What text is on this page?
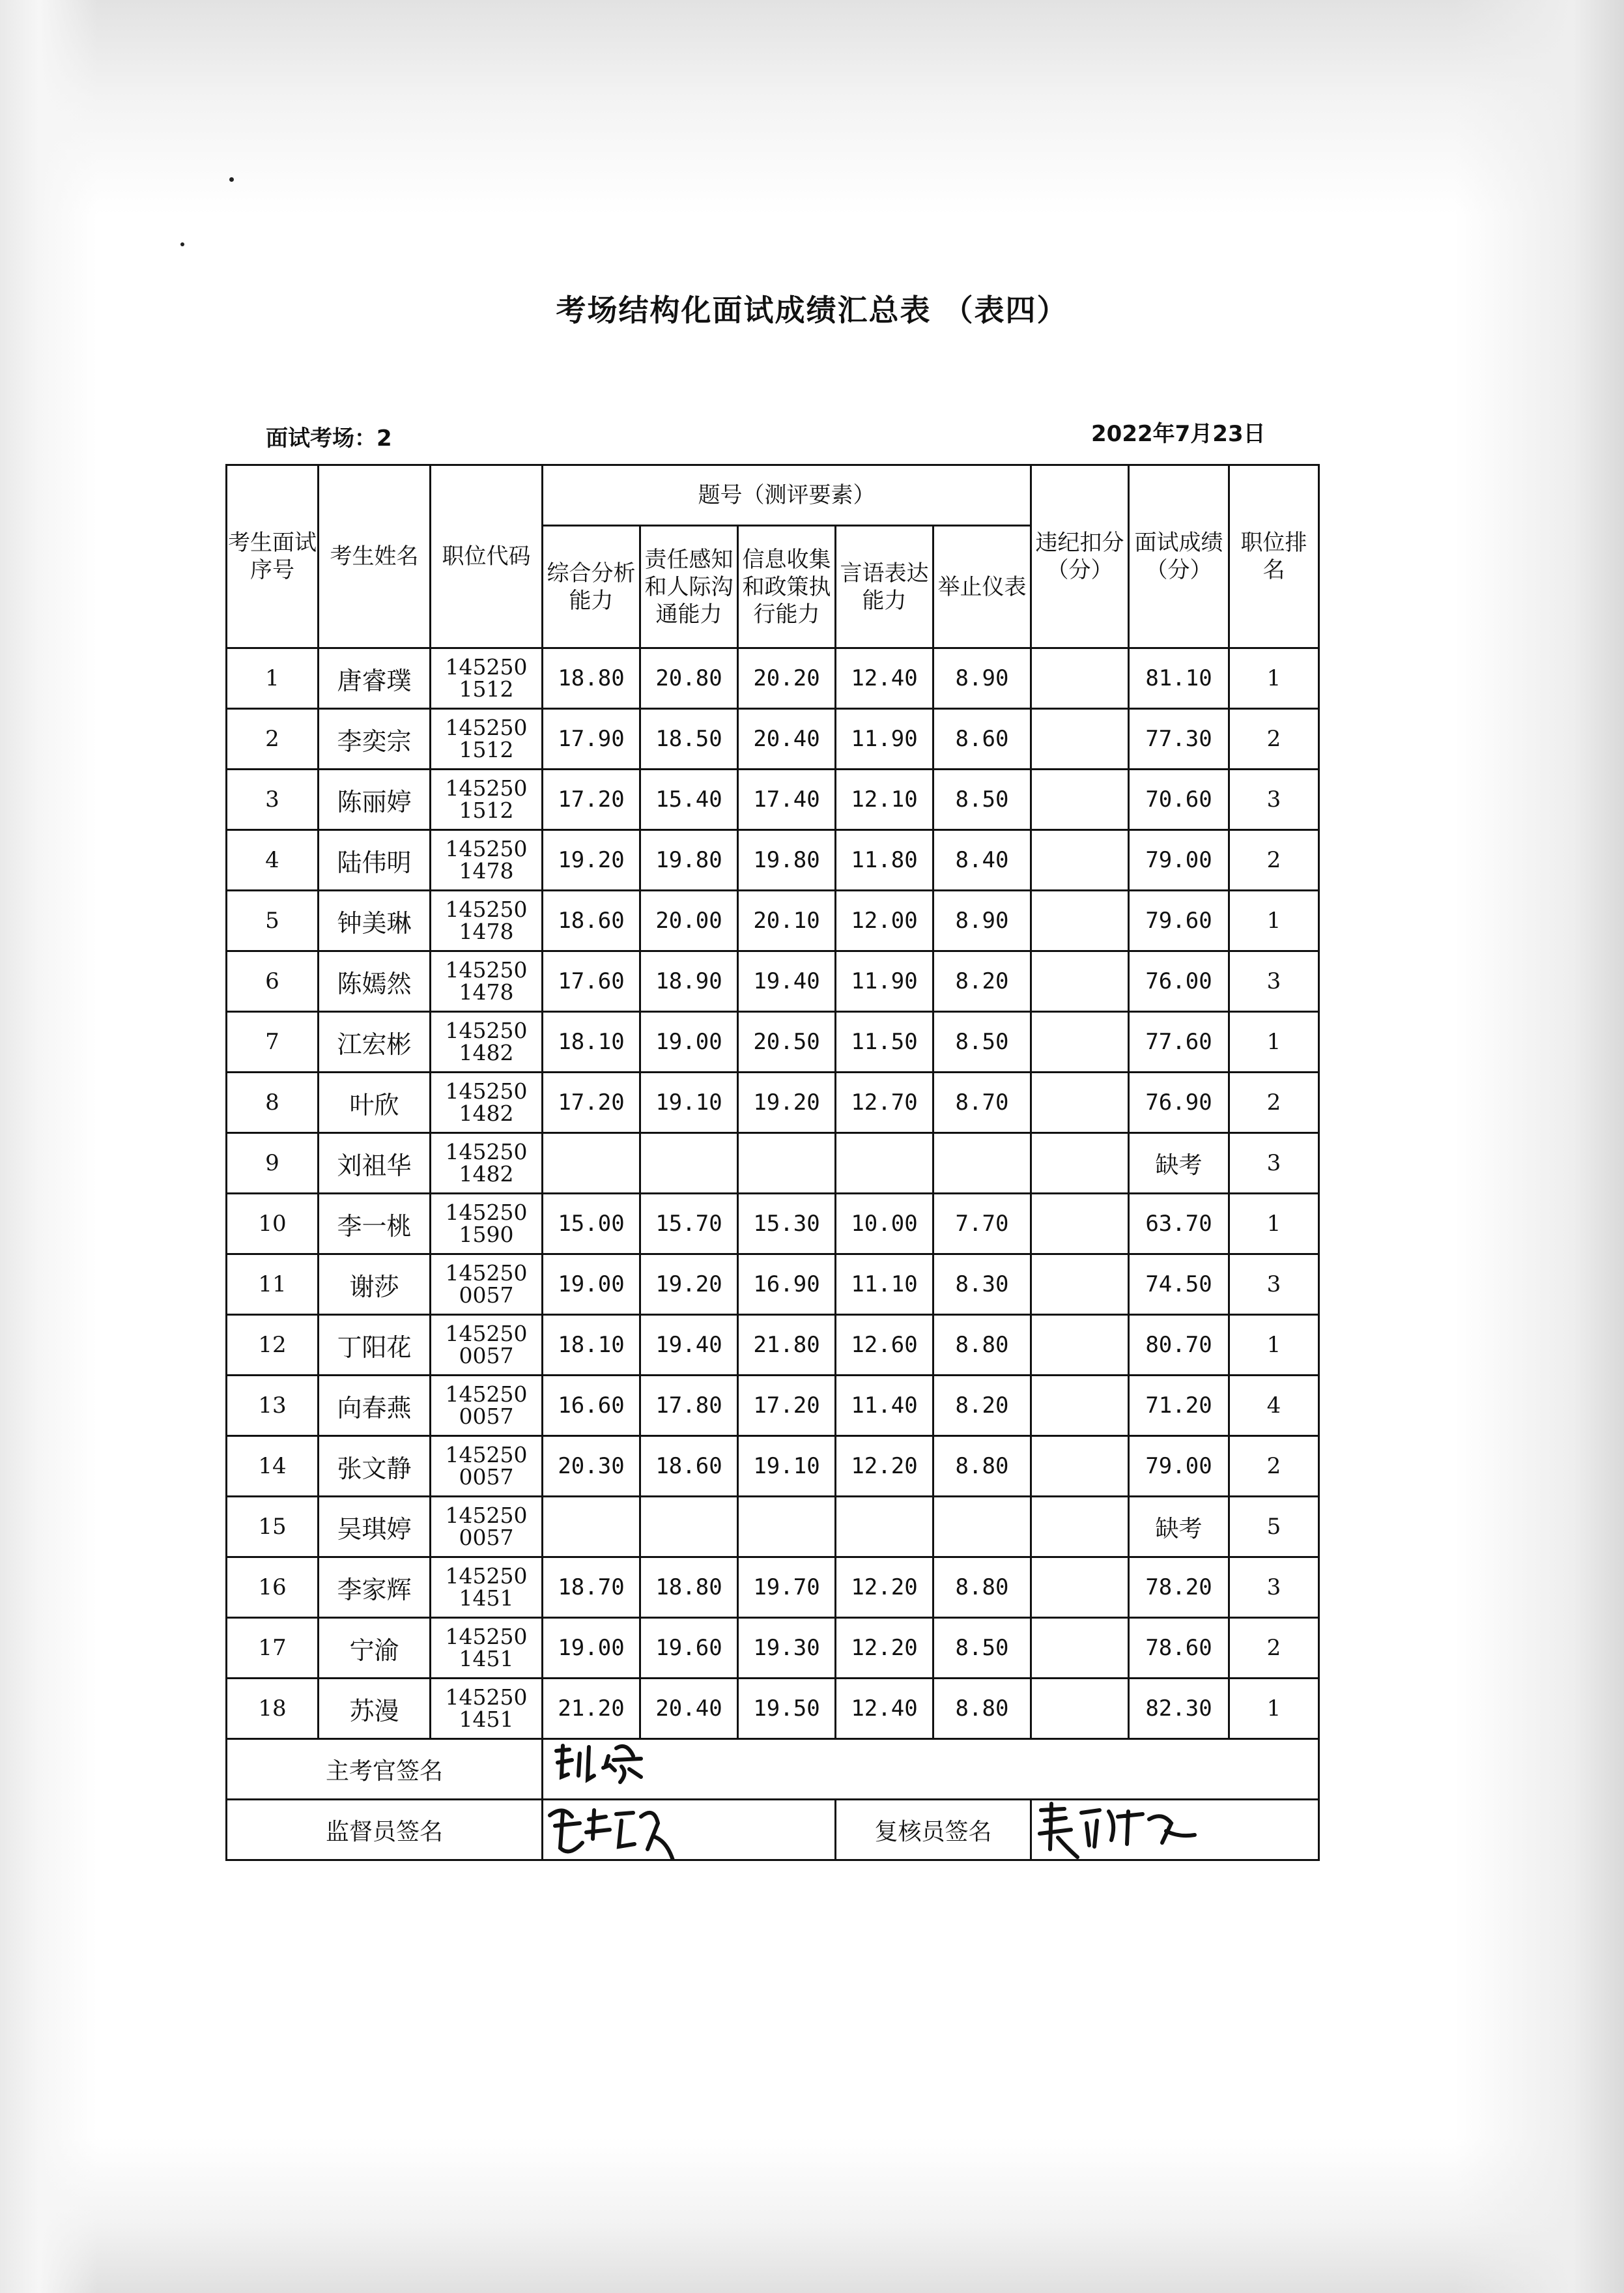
考场结构化面试成绩汇总表 （表四）
面试考场：2	2022年7月23日
考生面试序号	考生姓名	职位代码	题号（测评要素）					违纪扣分（分）	面试成绩（分）	职位排名
			综合分析能力	责任感知和人际沟通能力	信息收集和政策执行能力	言语表达能力	举止仪表			
1	唐睿璞	1452501512	18.80	20.80	20.20	12.40	8.90		81.10	1
2	李奕宗	1452501512	17.90	18.50	20.40	11.90	8.60		77.30	2
3	陈丽婷	1452501512	17.20	15.40	17.40	12.10	8.50		70.60	3
4	陆伟明	1452501478	19.20	19.80	19.80	11.80	8.40		79.00	2
5	钟美琳	1452501478	18.60	20.00	20.10	12.00	8.90		79.60	1
6	陈嫣然	1452501478	17.60	18.90	19.40	11.90	8.20		76.00	3
7	江宏彬	1452501482	18.10	19.00	20.50	11.50	8.50		77.60	1
8	叶欣	1452501482	17.20	19.10	19.20	12.70	8.70		76.90	2
9	刘祖华	1452501482							缺考	3
10	李一桃	1452501590	15.00	15.70	15.30	10.00	7.70		63.70	1
11	谢莎	1452500057	19.00	19.20	16.90	11.10	8.30		74.50	3
12	丁阳花	1452500057	18.10	19.40	21.80	12.60	8.80		80.70	1
13	向春燕	1452500057	16.60	17.80	17.20	11.40	8.20		71.20	4
14	张文静	1452500057	20.30	18.60	19.10	12.20	8.80		79.00	2
15	吴琪婷	1452500057							缺考	5
16	李家辉	1452501451	18.70	18.80	19.70	12.20	8.80		78.20	3
17	宁渝	1452501451	19.00	19.60	19.30	12.20	8.50		78.60	2
18	苏漫	1452501451	21.20	20.40	19.50	12.40	8.80		82.30	1
主考官签名	

监督员签名						复核员签名	
